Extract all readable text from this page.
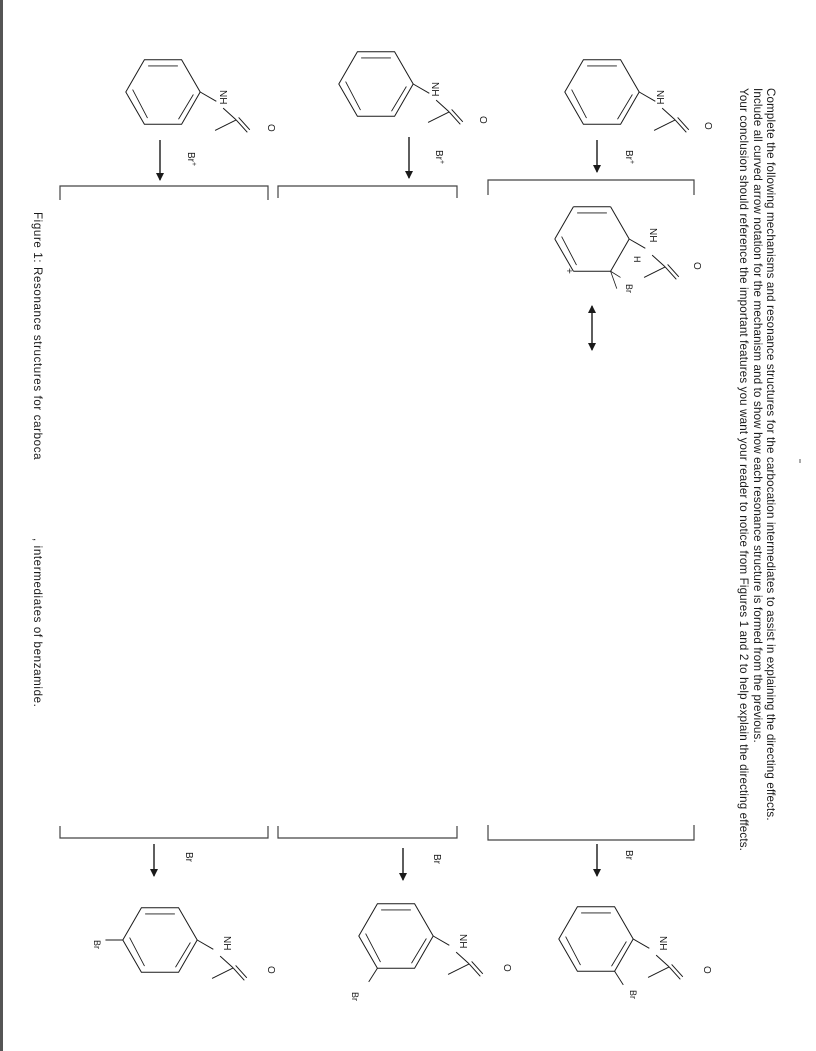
Complete the following mechanisms and resonance structures for the carbocation intermediates to assist in explaining the directing effects.
Include all curved arrow notation for the mechanism and to show how each resonance structure is formed from the previous.
Your conclusion should reference the important features you want your reader to notice from Figures 1 and 2 to help explain the directing effects.
Figure 1: Resonance structures for carboca
, intermediates of benzamide.
NH
O
Br+
NH
O
H
Br
+
Br
NH
O
Br
NH
O
Br+
Br
NH
O
Br
NH
O
Br+
Br
NH
O
Br
